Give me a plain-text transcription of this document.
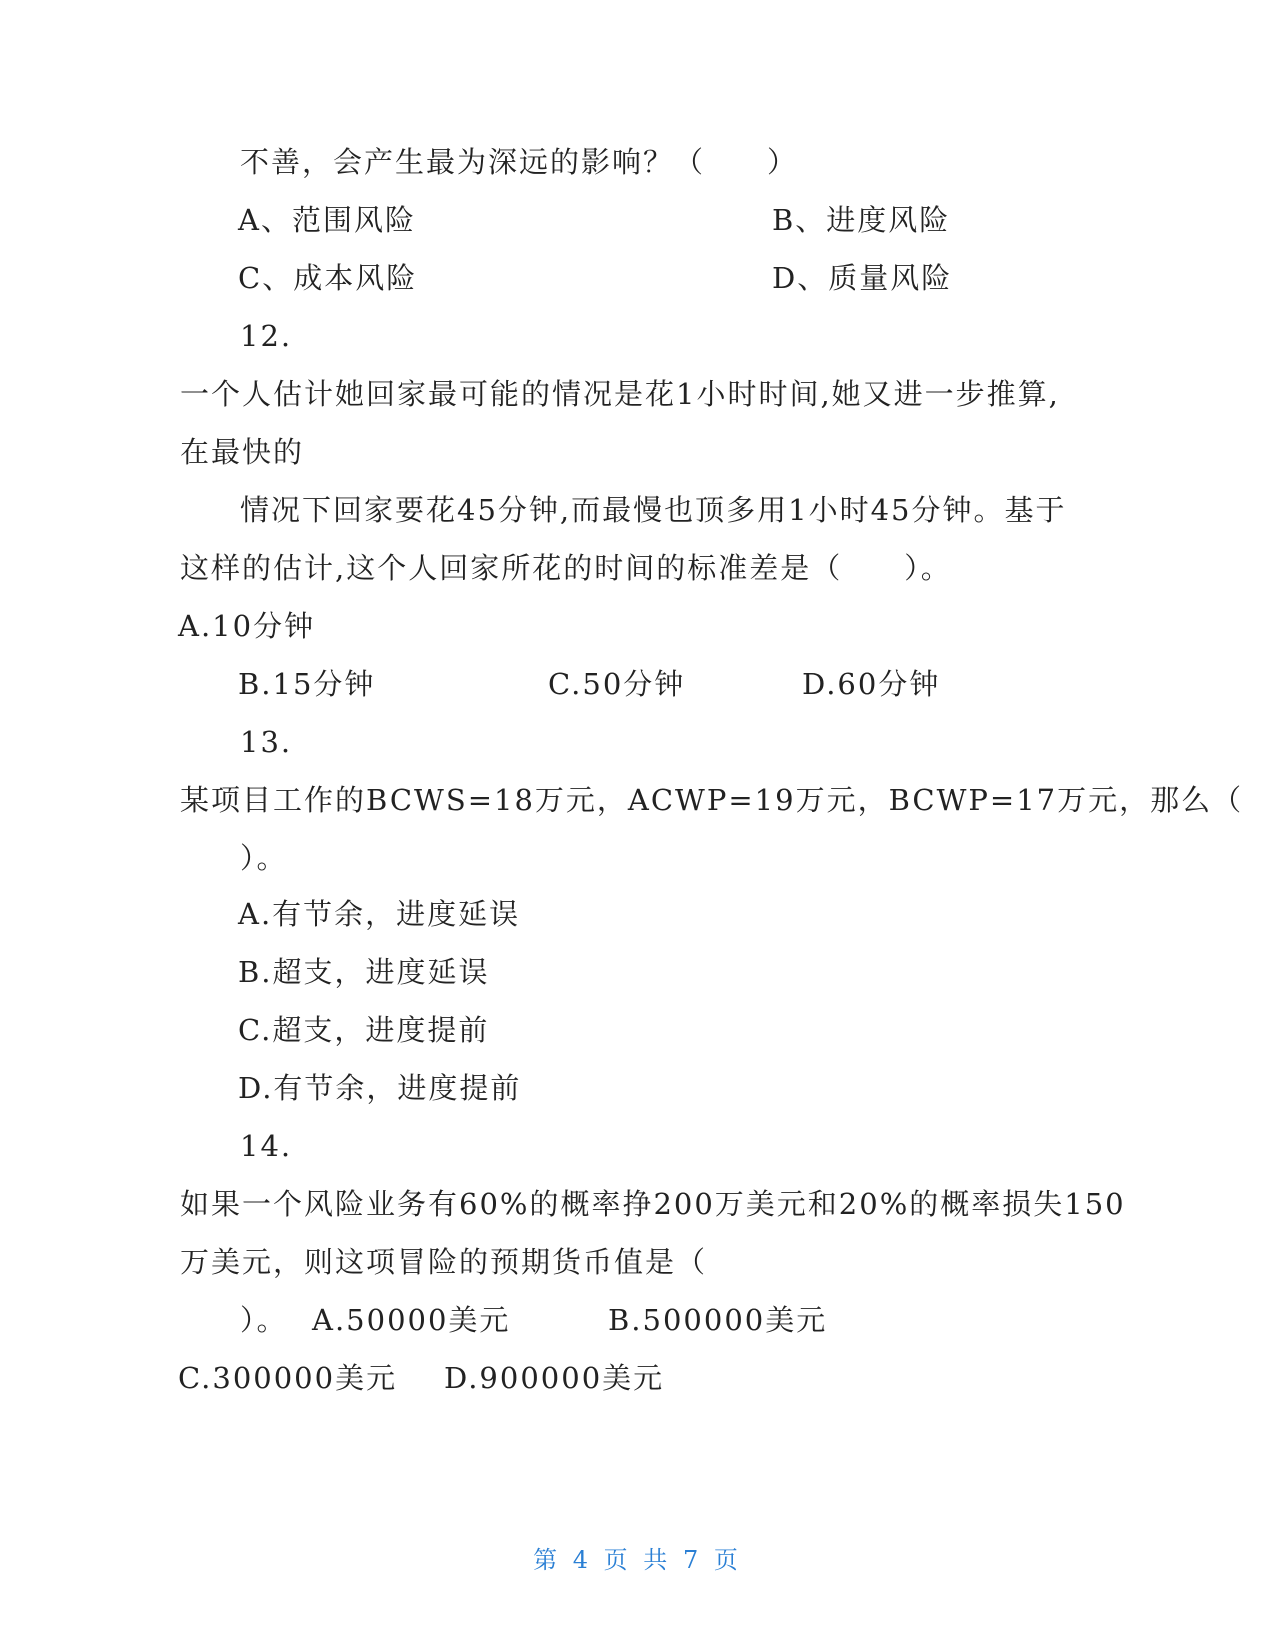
不善，会产生最为深远的影响？（　　）
A、范围风险	B、进度风险
C、成本风险	D、质量风险
12.
一个人估计她回家最可能的情况是花1小时时间,她又进一步推算,
在最快的
情况下回家要花45分钟,而最慢也顶多用1小时45分钟。基于
这样的估计,这个人回家所花的时间的标准差是（　　）。
A.10分钟
B.15分钟	C.50分钟	D.60分钟
13.
某项目工作的BCWS=18万元，ACWP=19万元，BCWP=17万元，那么（
）。
A.有节余，进度延误
B.超支，进度延误
C.超支，进度提前
D.有节余，进度提前
14.
如果一个风险业务有60%的概率挣200万美元和20%的概率损失150
万美元，则这项冒险的预期货币值是（
）。 A.50000美元	B.500000美元
C.300000美元 D.900000美元
第 4 页 共 7 页
